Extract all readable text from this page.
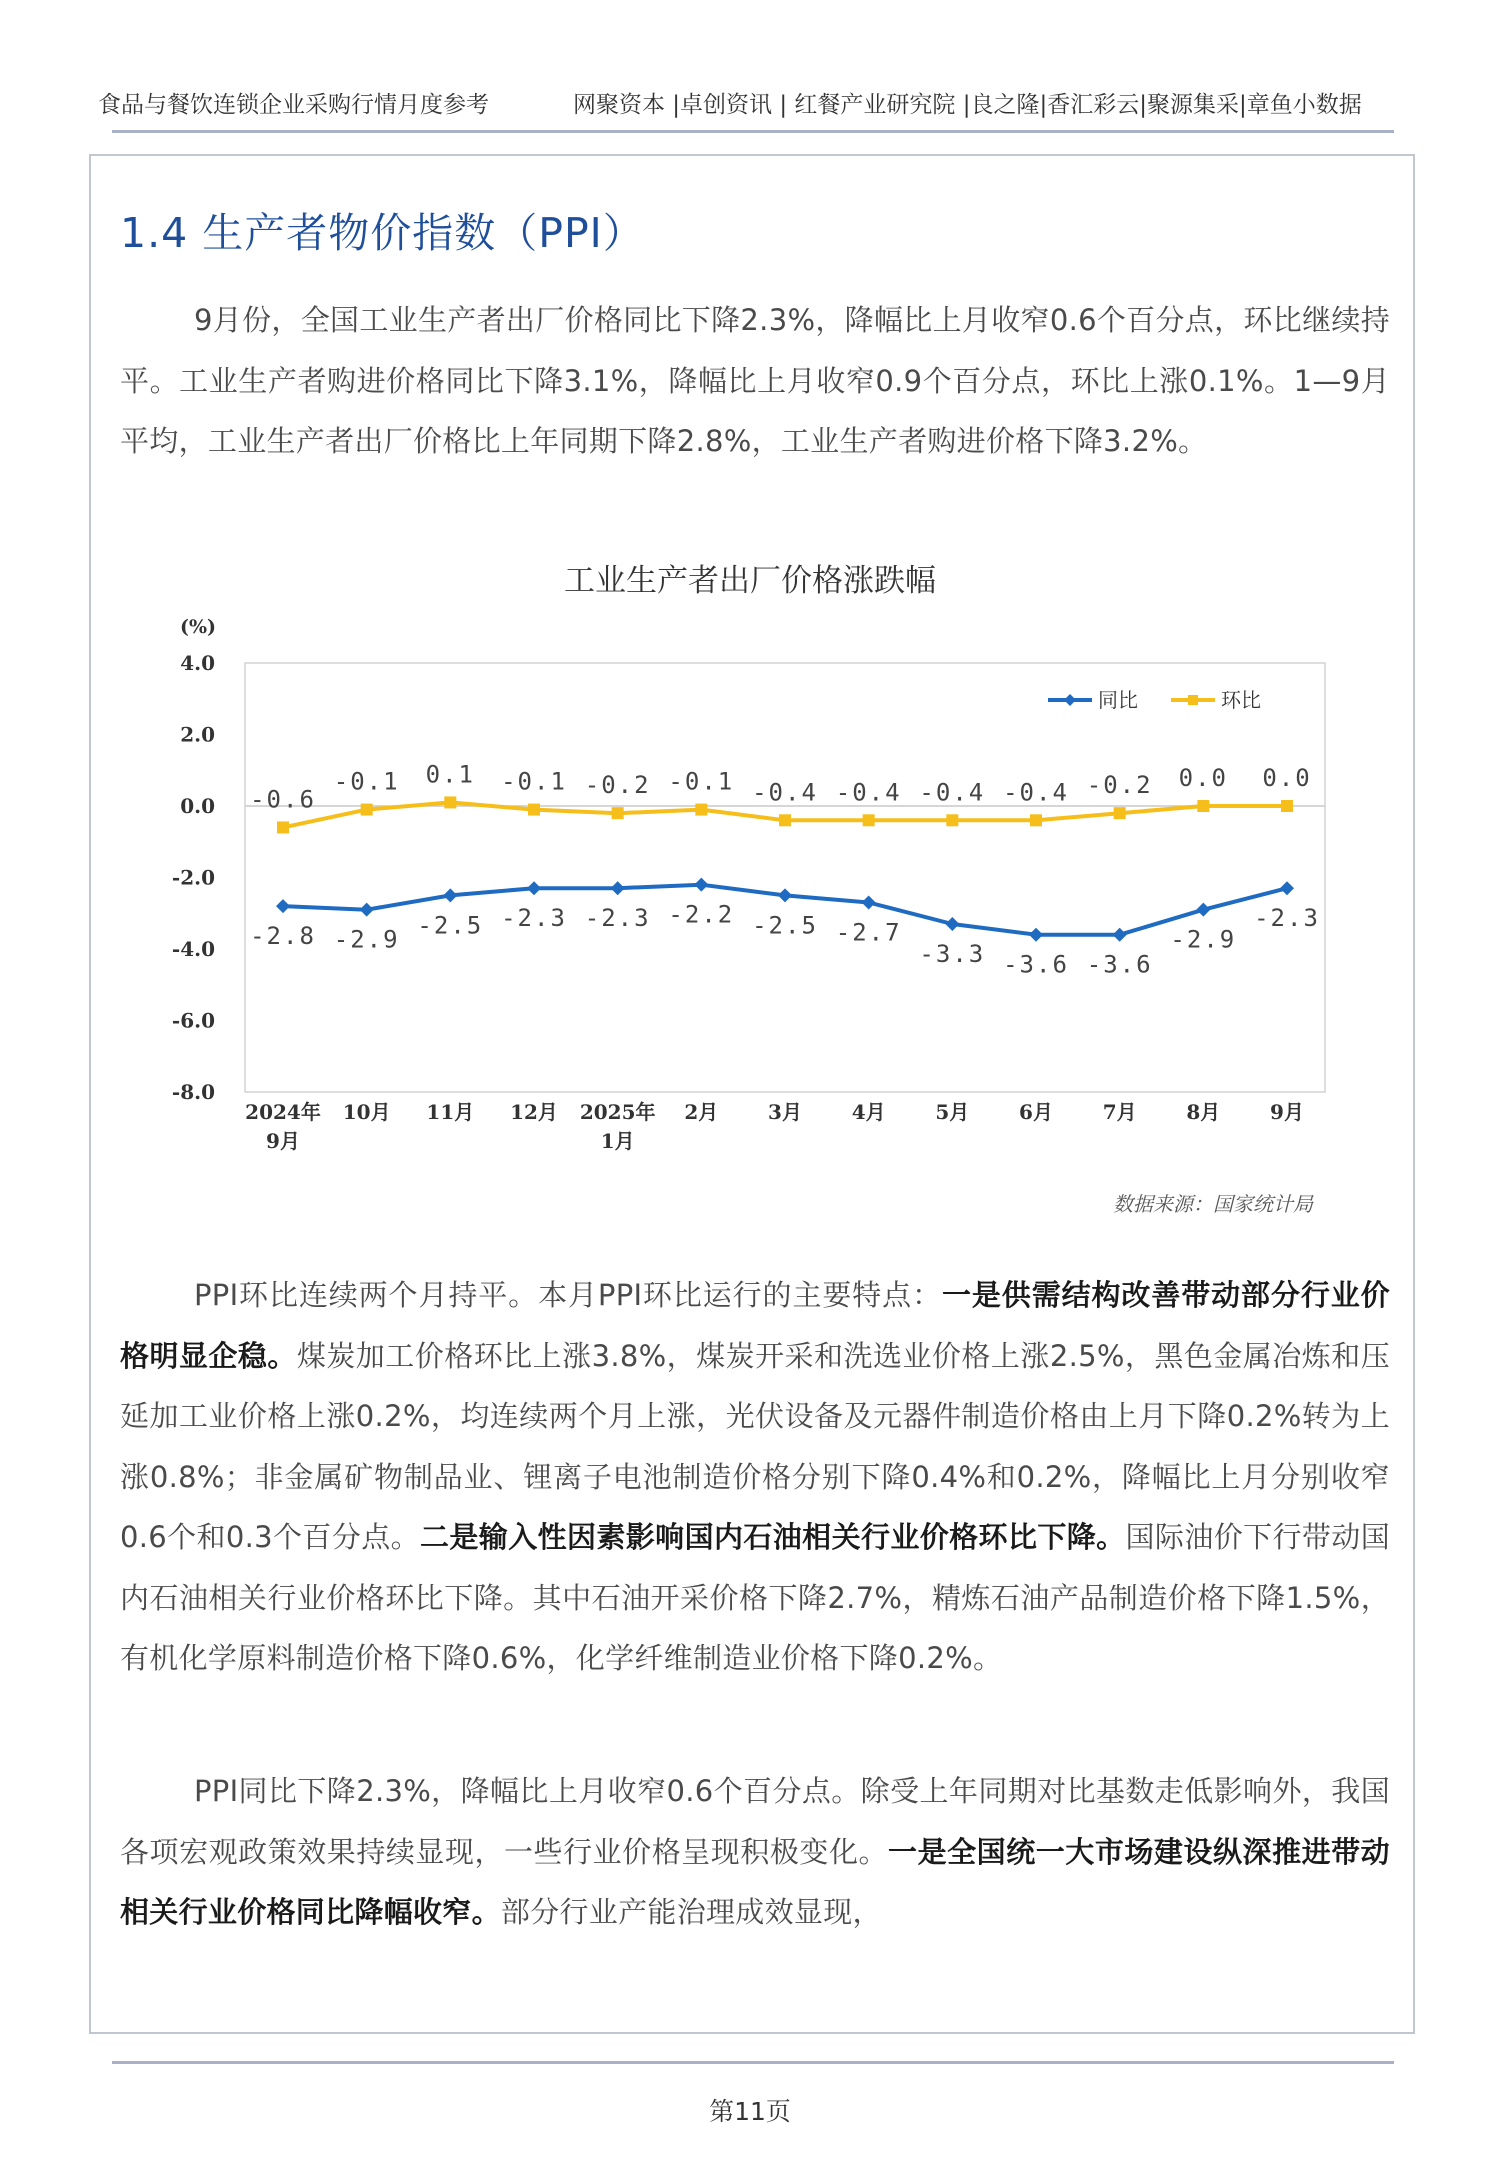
食品与餐饮连锁企业采购行情月度参考	网聚资本 |卓创资讯 | 红餐产业研究院 |良之隆|香汇彩云|聚源集采|章鱼小数据
1.4 生产者物价指数（PPI）

9月份，全国工业生产者出厂价格同比下降2.3%，降幅比上月收窄0.6个百分点，环比继续持平。工业生产者购进价格同比下降3.1%，降幅比上月收窄0.9个百分点，环比上涨0.1%。1—9月平均，工业生产者出厂价格比上年同期下降2.8%，工业生产者购进价格下降3.2%。

工业生产者出厂价格涨跌幅
(%)
4.0
2.0
0.0
-2.0
-4.0
-6.0
-8.0
2024年 9月
10月 11月 12月 2025年 1月
2月 3月 4月 5月 6月 7月 8月 9月
-2.8 -2.9
-2.5 -2.3 -2.3 -2.2 -2.5 -2.7
-3.3 -3.6 -3.6
-2.9
-2.3
-0.6
-0.1 0.1 -0.1 -0.2 -0.1 -0.4 -0.4 -0.4 -0.4 -0.2 0.0 0.0
同比	环比
数据来源：国家统计局

PPI环比连续两个月持平。本月PPI环比运行的主要特点：一是供需结构改善带动部分行业价格明显企稳。煤炭加工价格环比上涨3.8%，煤炭开采和洗选业价格上涨2.5%，黑色金属冶炼和压延加工业价格上涨0.2%，均连续两个月上涨，光伏设备及元器件制造价格由上月下降0.2%转为上涨0.8%；非金属矿物制品业、锂离子电池制造价格分别下降0.4%和0.2%，降幅比上月分别收窄0.6个和0.3个百分点。二是输入性因素影响国内石油相关行业价格环比下降。国际油价下行带动国内石油相关行业价格环比下降。其中石油开采价格下降2.7%，精炼石油产品制造价格下降1.5%，有机化学原料制造价格下降0.6%，化学纤维制造业价格下降0.2%。

PPI同比下降2.3%，降幅比上月收窄0.6个百分点。除受上年同期对比基数走低影响外，我国各项宏观政策效果持续显现，一些行业价格呈现积极变化。一是全国统一大市场建设纵深推进带动相关行业价格同比降幅收窄。部分行业产能治理成效显现，

第11页
